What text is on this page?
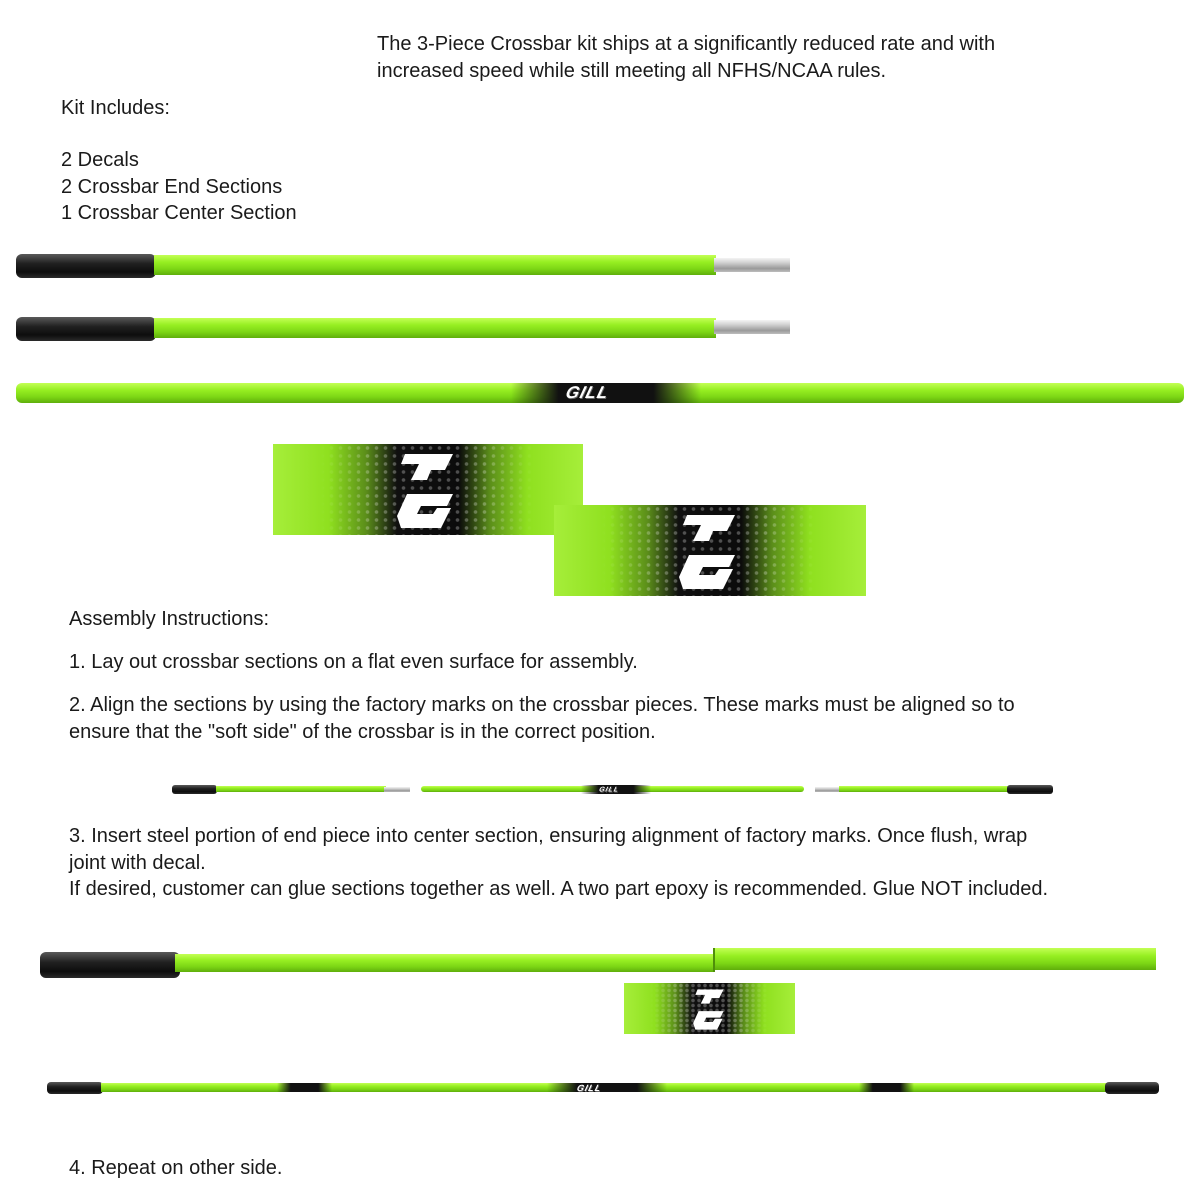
The 3-Piece Crossbar kit ships at a significantly reduced rate and with
increased speed while still meeting all NFHS/NCAA rules.
Kit Includes:
2 Decals
2 Crossbar End Sections
1 Crossbar Center Section
GILL
Assembly Instructions:
1. Lay out crossbar sections on a flat even surface for assembly.
2. Align the sections by using the factory marks on the crossbar pieces. These marks must be aligned so to
ensure that the "soft side" of the crossbar is in the correct position.
GILL
3. Insert steel portion of end piece into center section, ensuring alignment of factory marks. Once flush, wrap
joint with decal.
If desired, customer can glue sections together as well. A two part epoxy is recommended. Glue NOT included.
GILL
4. Repeat on other side.
